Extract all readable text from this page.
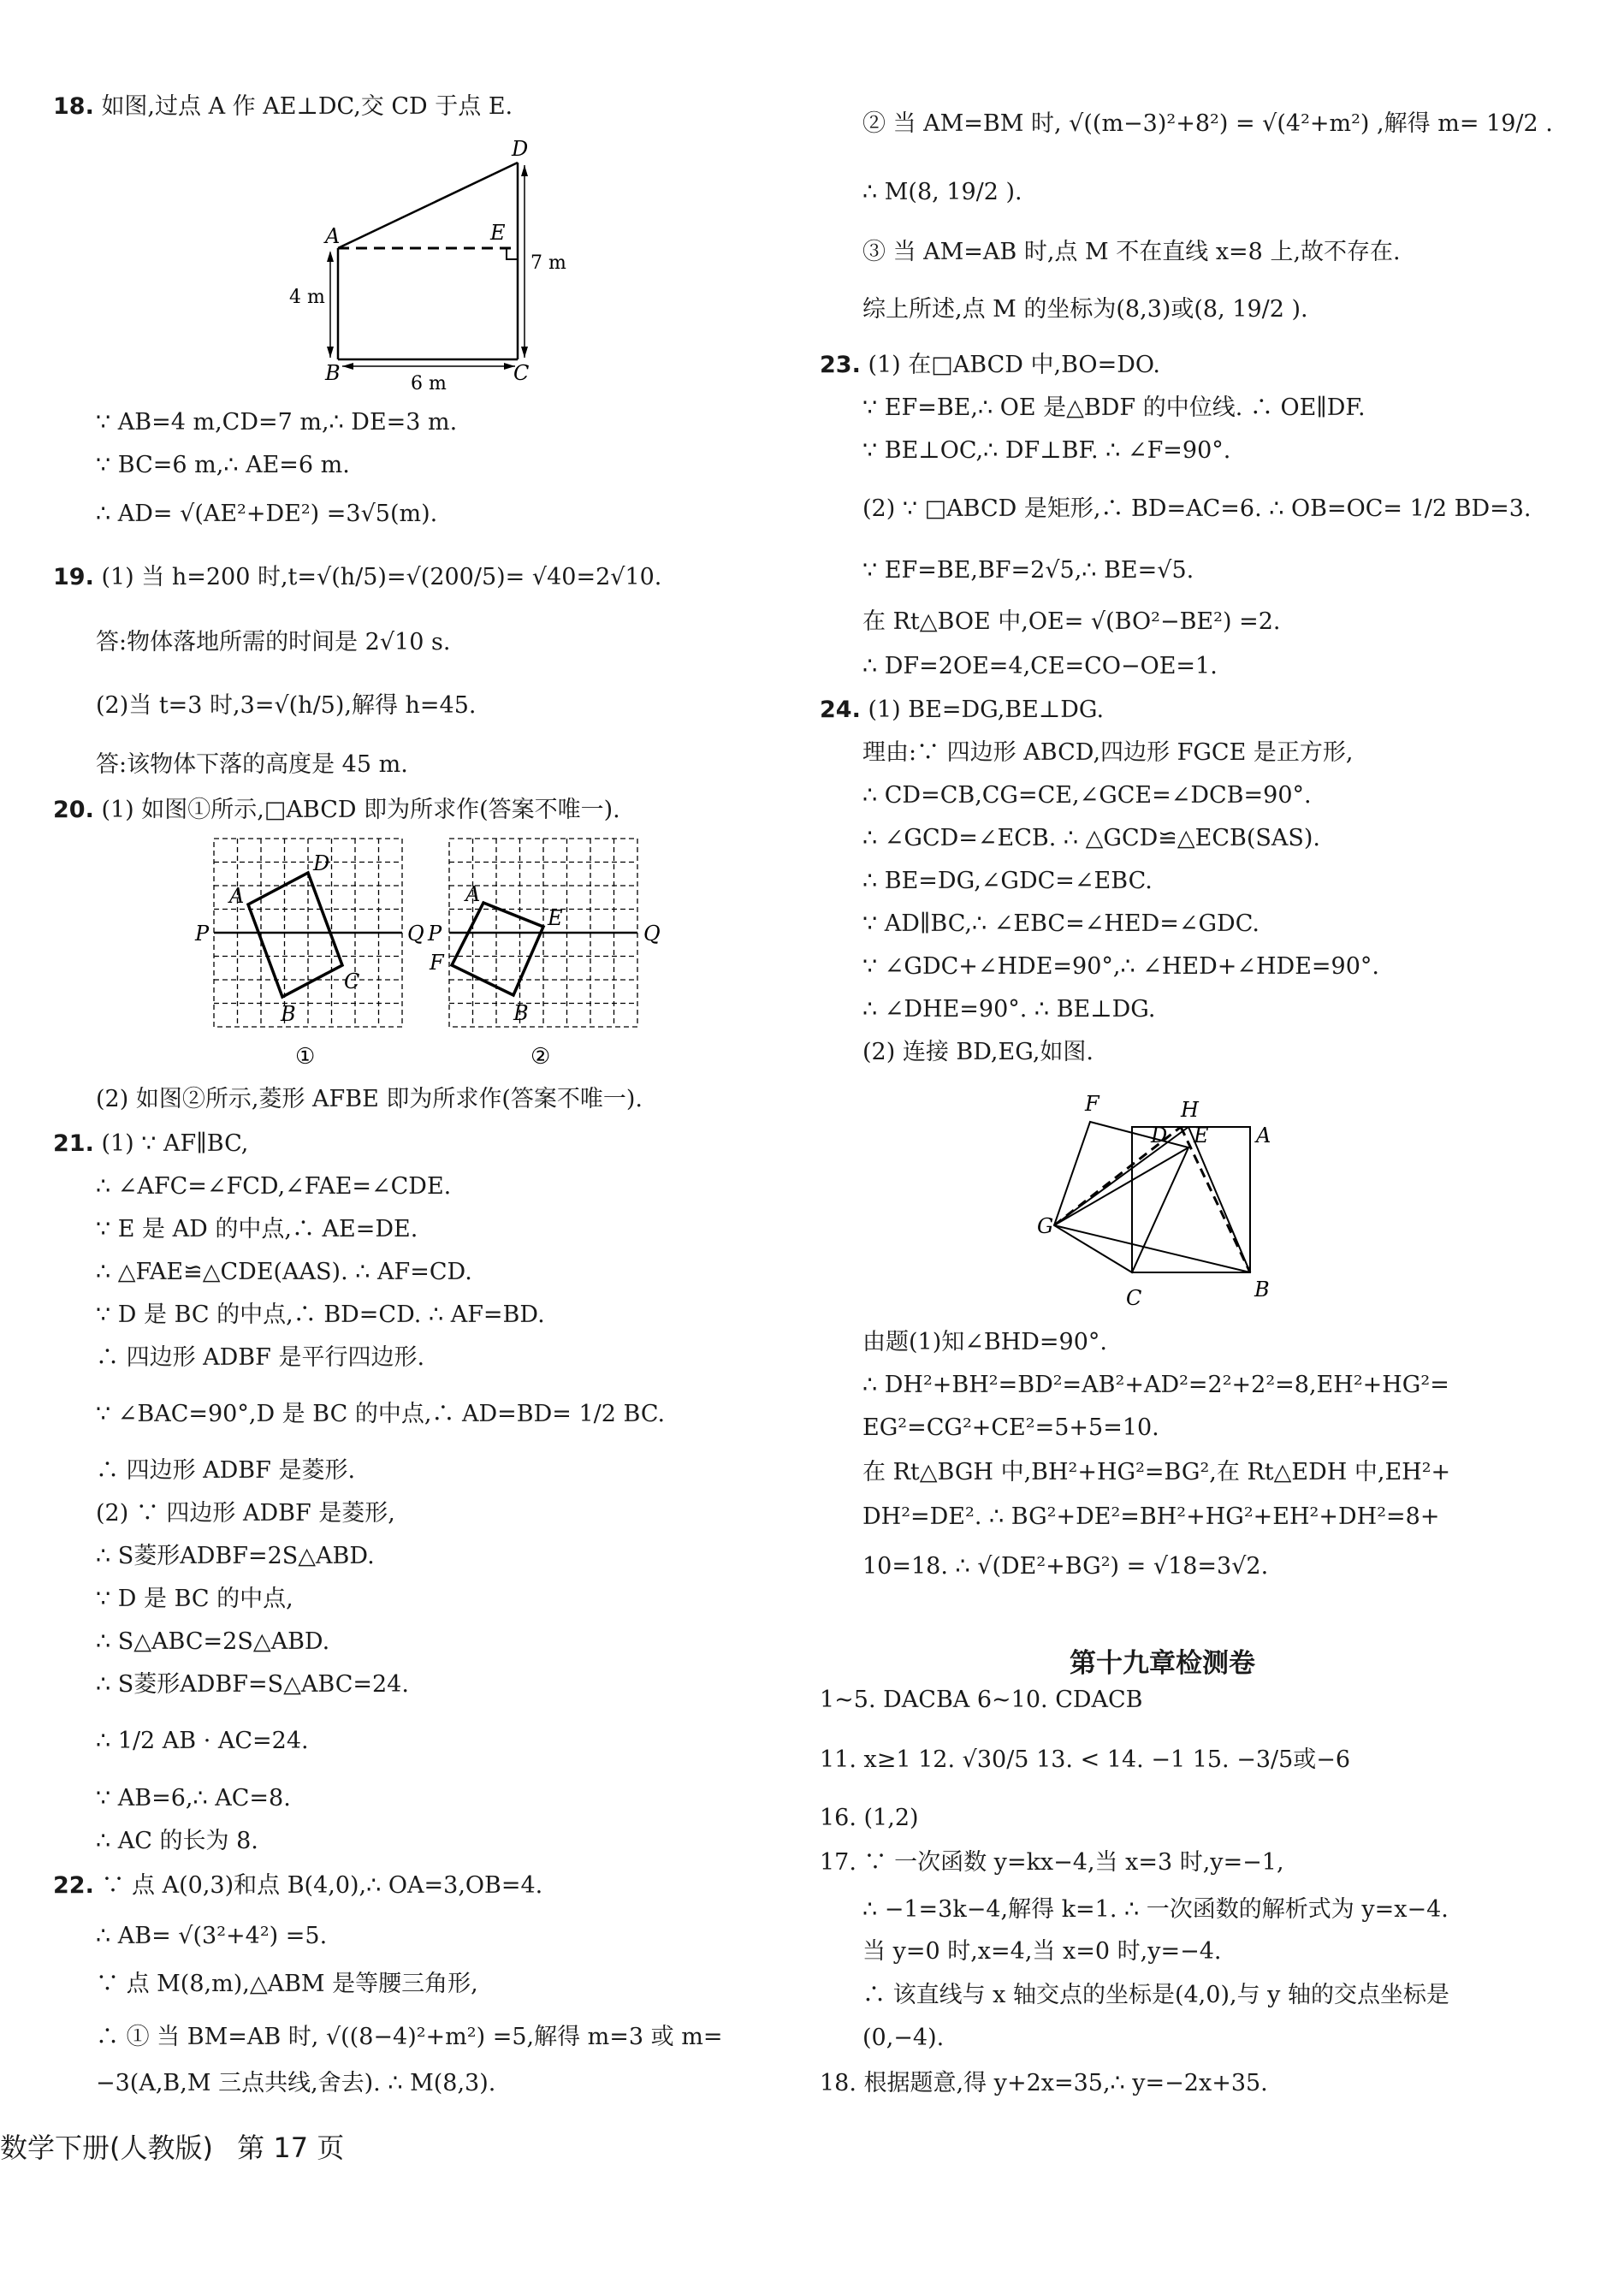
18. 如图,过点 A 作 AE⊥DC,交 CD 于点 E.
A
B	C
D
E
4 m
6 m
7 m
∵ AB=4 m,CD=7 m,∴ DE=3 m.
∵ BC=6 m,∴ AE=6 m.
∴ AD= √(AE²+DE²) =3√5(m).
19. (1) 当 h=200 时,t=√(h/5)=√(200/5)= √40=2√10.
答:物体落地所需的时间是 2√10 s.
(2)当 t=3 时,3=√(h/5),解得 h=45.
答:该物体下落的高度是 45 m.
20. (1) 如图①所示,□ABCD 即为所求作(答案不唯一).
A
D
C
B
P	Q
①
A
E
B
F
P	Q
②
(2) 如图②所示,菱形 AFBE 即为所求作(答案不唯一).
21. (1) ∵ AF∥BC,
∴ ∠AFC=∠FCD,∠FAE=∠CDE.
∵ E 是 AD 的中点,∴ AE=DE.
∴ △FAE≌△CDE(AAS). ∴ AF=CD.
∵ D 是 BC 的中点,∴ BD=CD. ∴ AF=BD.
∴ 四边形 ADBF 是平行四边形.
∵ ∠BAC=90°,D 是 BC 的中点,∴ AD=BD= 1/2 BC.
∴ 四边形 ADBF 是菱形.
(2) ∵ 四边形 ADBF 是菱形,
∴ S菱形ADBF=2S△ABD.
∵ D 是 BC 的中点,
∴ S△ABC=2S△ABD.
∴ S菱形ADBF=S△ABC=24.
∴ 1/2 AB · AC=24.
∵ AB=6,∴ AC=8.
∴ AC 的长为 8.
22. ∵ 点 A(0,3)和点 B(4,0),∴ OA=3,OB=4.
∴ AB= √(3²+4²) =5.
∵ 点 M(8,m),△ABM 是等腰三角形,
∴ ① 当 BM=AB 时, √((8−4)²+m²) =5,解得 m=3 或 m=
−3(A,B,M 三点共线,舍去). ∴ M(8,3).
② 当 AM=BM 时, √((m−3)²+8²) = √(4²+m²) ,解得 m= 19/2 .
∴ M(8, 19/2 ).
③ 当 AM=AB 时,点 M 不在直线 x=8 上,故不存在.
综上所述,点 M 的坐标为(8,3)或(8, 19/2 ).
23. (1) 在□ABCD 中,BO=DO.
∵ EF=BE,∴ OE 是△BDF 的中位线. ∴ OE∥DF.
∵ BE⊥OC,∴ DF⊥BF. ∴ ∠F=90°.
(2) ∵ □ABCD 是矩形,∴ BD=AC=6. ∴ OB=OC= 1/2 BD=3.
∵ EF=BE,BF=2√5,∴ BE=√5.
在 Rt△BOE 中,OE= √(BO²−BE²) =2.
∴ DF=2OE=4,CE=CO−OE=1.
24. (1) BE=DG,BE⊥DG.
理由:∵ 四边形 ABCD,四边形 FGCE 是正方形,
∴ CD=CB,CG=CE,∠GCE=∠DCB=90°.
∴ ∠GCD=∠ECB. ∴ △GCD≌△ECB(SAS).
∴ BE=DG,∠GDC=∠EBC.
∵ AD∥BC,∴ ∠EBC=∠HED=∠GDC.
∵ ∠GDC+∠HDE=90°,∴ ∠HED+∠HDE=90°.
∴ ∠DHE=90°. ∴ BE⊥DG.
(2) 连接 BD,EG,如图.
F	H
D E A
G
C	B
由题(1)知∠BHD=90°.
∴ DH²+BH²=BD²=AB²+AD²=2²+2²=8,EH²+HG²=
EG²=CG²+CE²=5+5=10.
在 Rt△BGH 中,BH²+HG²=BG²,在 Rt△EDH 中,EH²+
DH²=DE². ∴ BG²+DE²=BH²+HG²+EH²+DH²=8+
10=18. ∴ √(DE²+BG²) = √18=3√2.
第十九章检测卷
1~5. DACBA 6~10. CDACB
11. x≥1 12. √30/5 13. < 14. −1 15. −3/5或−6
16. (1,2)
17. ∵ 一次函数 y=kx−4,当 x=3 时,y=−1,
∴ −1=3k−4,解得 k=1. ∴ 一次函数的解析式为 y=x−4.
当 y=0 时,x=4,当 x=0 时,y=−4.
∴ 该直线与 x 轴交点的坐标是(4,0),与 y 轴的交点坐标是
(0,−4).
18. 根据题意,得 y+2x=35,∴ y=−2x+35.
数学下册(人教版) 第 17 页
